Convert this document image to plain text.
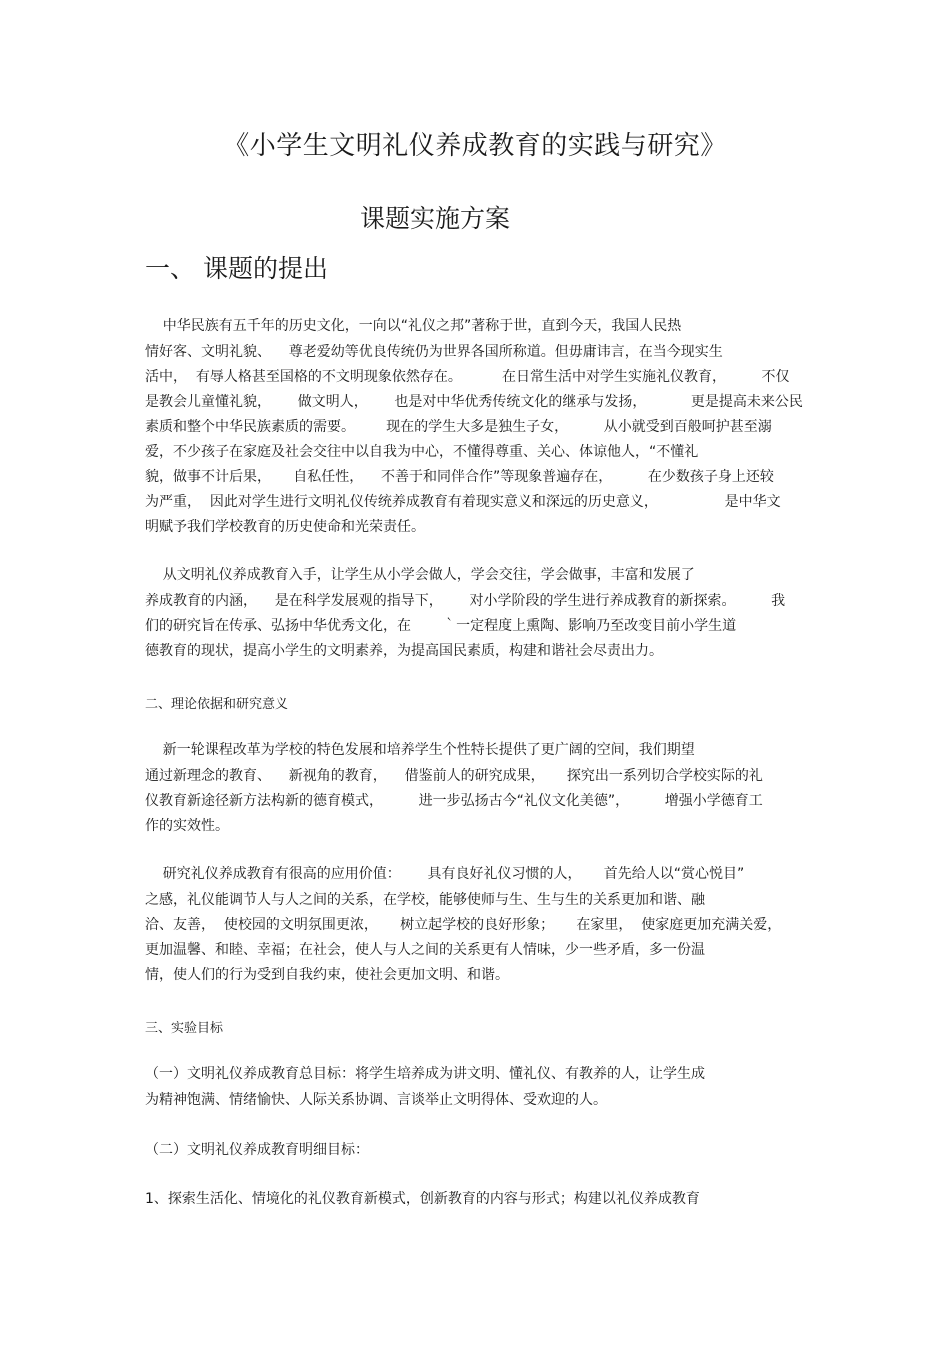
《小学生文明礼仪养成教育的实践与研究》
课题实施方案
一、 课题的提出
中华民族有五千年的历史文化，一向以“礼仪之邦”著称于世，直到今天，我国人民热
情好客、文明礼貌、    尊老爱幼等优良传统仍为世界各国所称道。但毋庸讳言，在当今现实生
活中，  有辱人格甚至国格的不文明现象依然存在。         在日常生活中对学生实施礼仪教育，        不仅
是教会儿童懂礼貌，      做文明人，      也是对中华优秀传统文化的继承与发扬，          更是提高未来公民
素质和整个中华民族素质的需要。       现在的学生大多是独生子女，        从小就受到百般呵护甚至溺
爱，不少孩子在家庭及社会交往中以自我为中心，不懂得尊重、关心、体谅他人，“不懂礼
貌，做事不计后果，     自私任性，    不善于和同伴合作”等现象普遍存在，        在少数孩子身上还较
为严重，  因此对学生进行文明礼仪传统养成教育有着现实意义和深远的历史意义，               是中华文
明赋予我们学校教育的历史使命和光荣责任。
从文明礼仪养成教育入手，让学生从小学会做人，学会交往，学会做事，丰富和发展了
养成教育的内涵，    是在科学发展观的指导下，      对小学阶段的学生进行养成教育的新探索。        我
们的研究旨在传承、弘扬中华优秀文化，在       ｀一定程度上熏陶、影响乃至改变目前小学生道
德教育的现状，提高小学生的文明素养，为提高国民素质，构建和谐社会尽责出力。
二、理论依据和研究意义
新一轮课程改革为学校的特色发展和培养学生个性特长提供了更广阔的空间，我们期望
通过新理念的教育、    新视角的教育，    借鉴前人的研究成果，     探究出一系列切合学校实际的礼
仪教育新途径新方法构新的德育模式，        进一步弘扬古今“礼仪文化美德”，        增强小学德育工
作的实效性。
研究礼仪养成教育有很高的应用价值：      具有良好礼仪习惯的人，     首先给人以“赏心悦目”
之感，礼仪能调节人与人之间的关系，在学校，能够使师与生、生与生的关系更加和谐、融
洽、友善，  使校园的文明氛围更浓，     树立起学校的良好形象；     在家里，  使家庭更加充满关爱，
更加温馨、和睦、幸福；在社会，使人与人之间的关系更有人情味，少一些矛盾，多一份温
情，使人们的行为受到自我约束，使社会更加文明、和谐。
三、实验目标
（一）文明礼仪养成教育总目标：将学生培养成为讲文明、懂礼仪、有教养的人，让学生成
为精神饱满、情绪愉快、人际关系协调、言谈举止文明得体、受欢迎的人。
（二）文明礼仪养成教育明细目标：
1、探索生活化、情境化的礼仪教育新模式，创新教育的内容与形式；构建以礼仪养成教育
